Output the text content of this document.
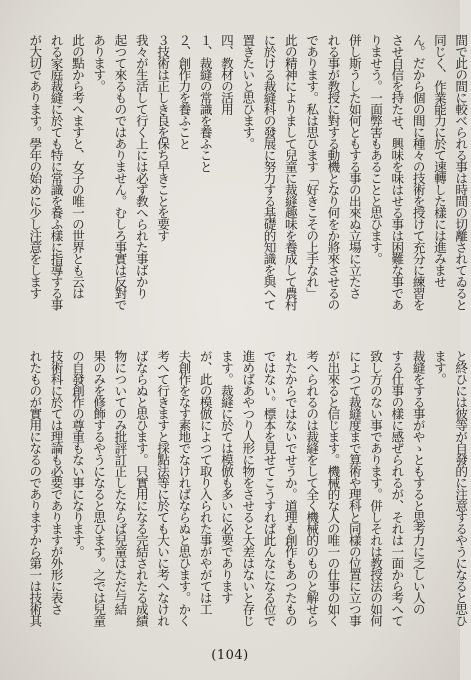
間で此の間に較べられる事は時間の切離されてゐると
同じく、作業能力に於て速轉した樣には進みませ
ん。だから個の間に種々の技術を授けて充分に練習を
させ自信を持たせ、興味を味はせる事は困難な事であ
りませう。一面弊害もあることと思ひます。
併し斯うした如何ともする事の出來ぬ立場に立たさ
れる事が教授に對する動機となり何をか將來させるの
であります。私は思ひます「好きこその上手なれ」
此の精神によりまして兒童に裁縫趣味を養成して農村
に於ける裁縫科の發展に努力する基礎的知識を與へて
置きたいと思ひます。
四、教材の活用
１、裁縫の常識を養ふこと
２、創作力を養ふこと
３技術は正しき良を保ち早きことを要す
我々が生活して行く上には必ず教へられた事ばかり
起つて來るものではありません。むしろ事實は反對で
あります。
此の點から考へますと、女子の唯一の世界とも云は
れる家庭裁縫に於ても特に常識を養ふ樣に指導する事
が大切であります。學年の始めに少し注意をします
と終ひには彼等が自發的に注意するやうになると思ひ
ます。
裁縫をする事がやゝともすると思考力に乏しい人の
する仕事の樣に感ぜられるが、それは一面から考へて
致し方のない事であります。併しそれは教授法の如何
によつて裁縫度まで算術や理科と同樣の位置に立つ事
が出來ると信じます。機械的な人の唯一の仕事の如く
考へられるのは裁縫をして全く機械的のものと解せら
れたからではないでせうか。道理も創作もあつたもの
ではない。標本を見せてこうすれば此んなになる位で
進めばあやつり人形に物をさせると大差はないと存じ
ます。裁縫に於ては模倣も多いに必要であります
が、此の模倣によつて取り入られた事がやがては工
夫創作をなす素地でなければならぬと思ひます。かく
考へて行きますと採點法等に於ても大いに考へなけれ
ばならぬと思ひます。只實用になる完結されたる成績
物についてのみ批評訂正したならば兒童はただ与結
果のみを修飾するやうになると思ひます。之では兒童
の自發創作の尊重もない事になります。
技術科に於ては理論も必要でありますが外形に表さ
れたものが實用になるのでありますから第一は技術其
(104)
